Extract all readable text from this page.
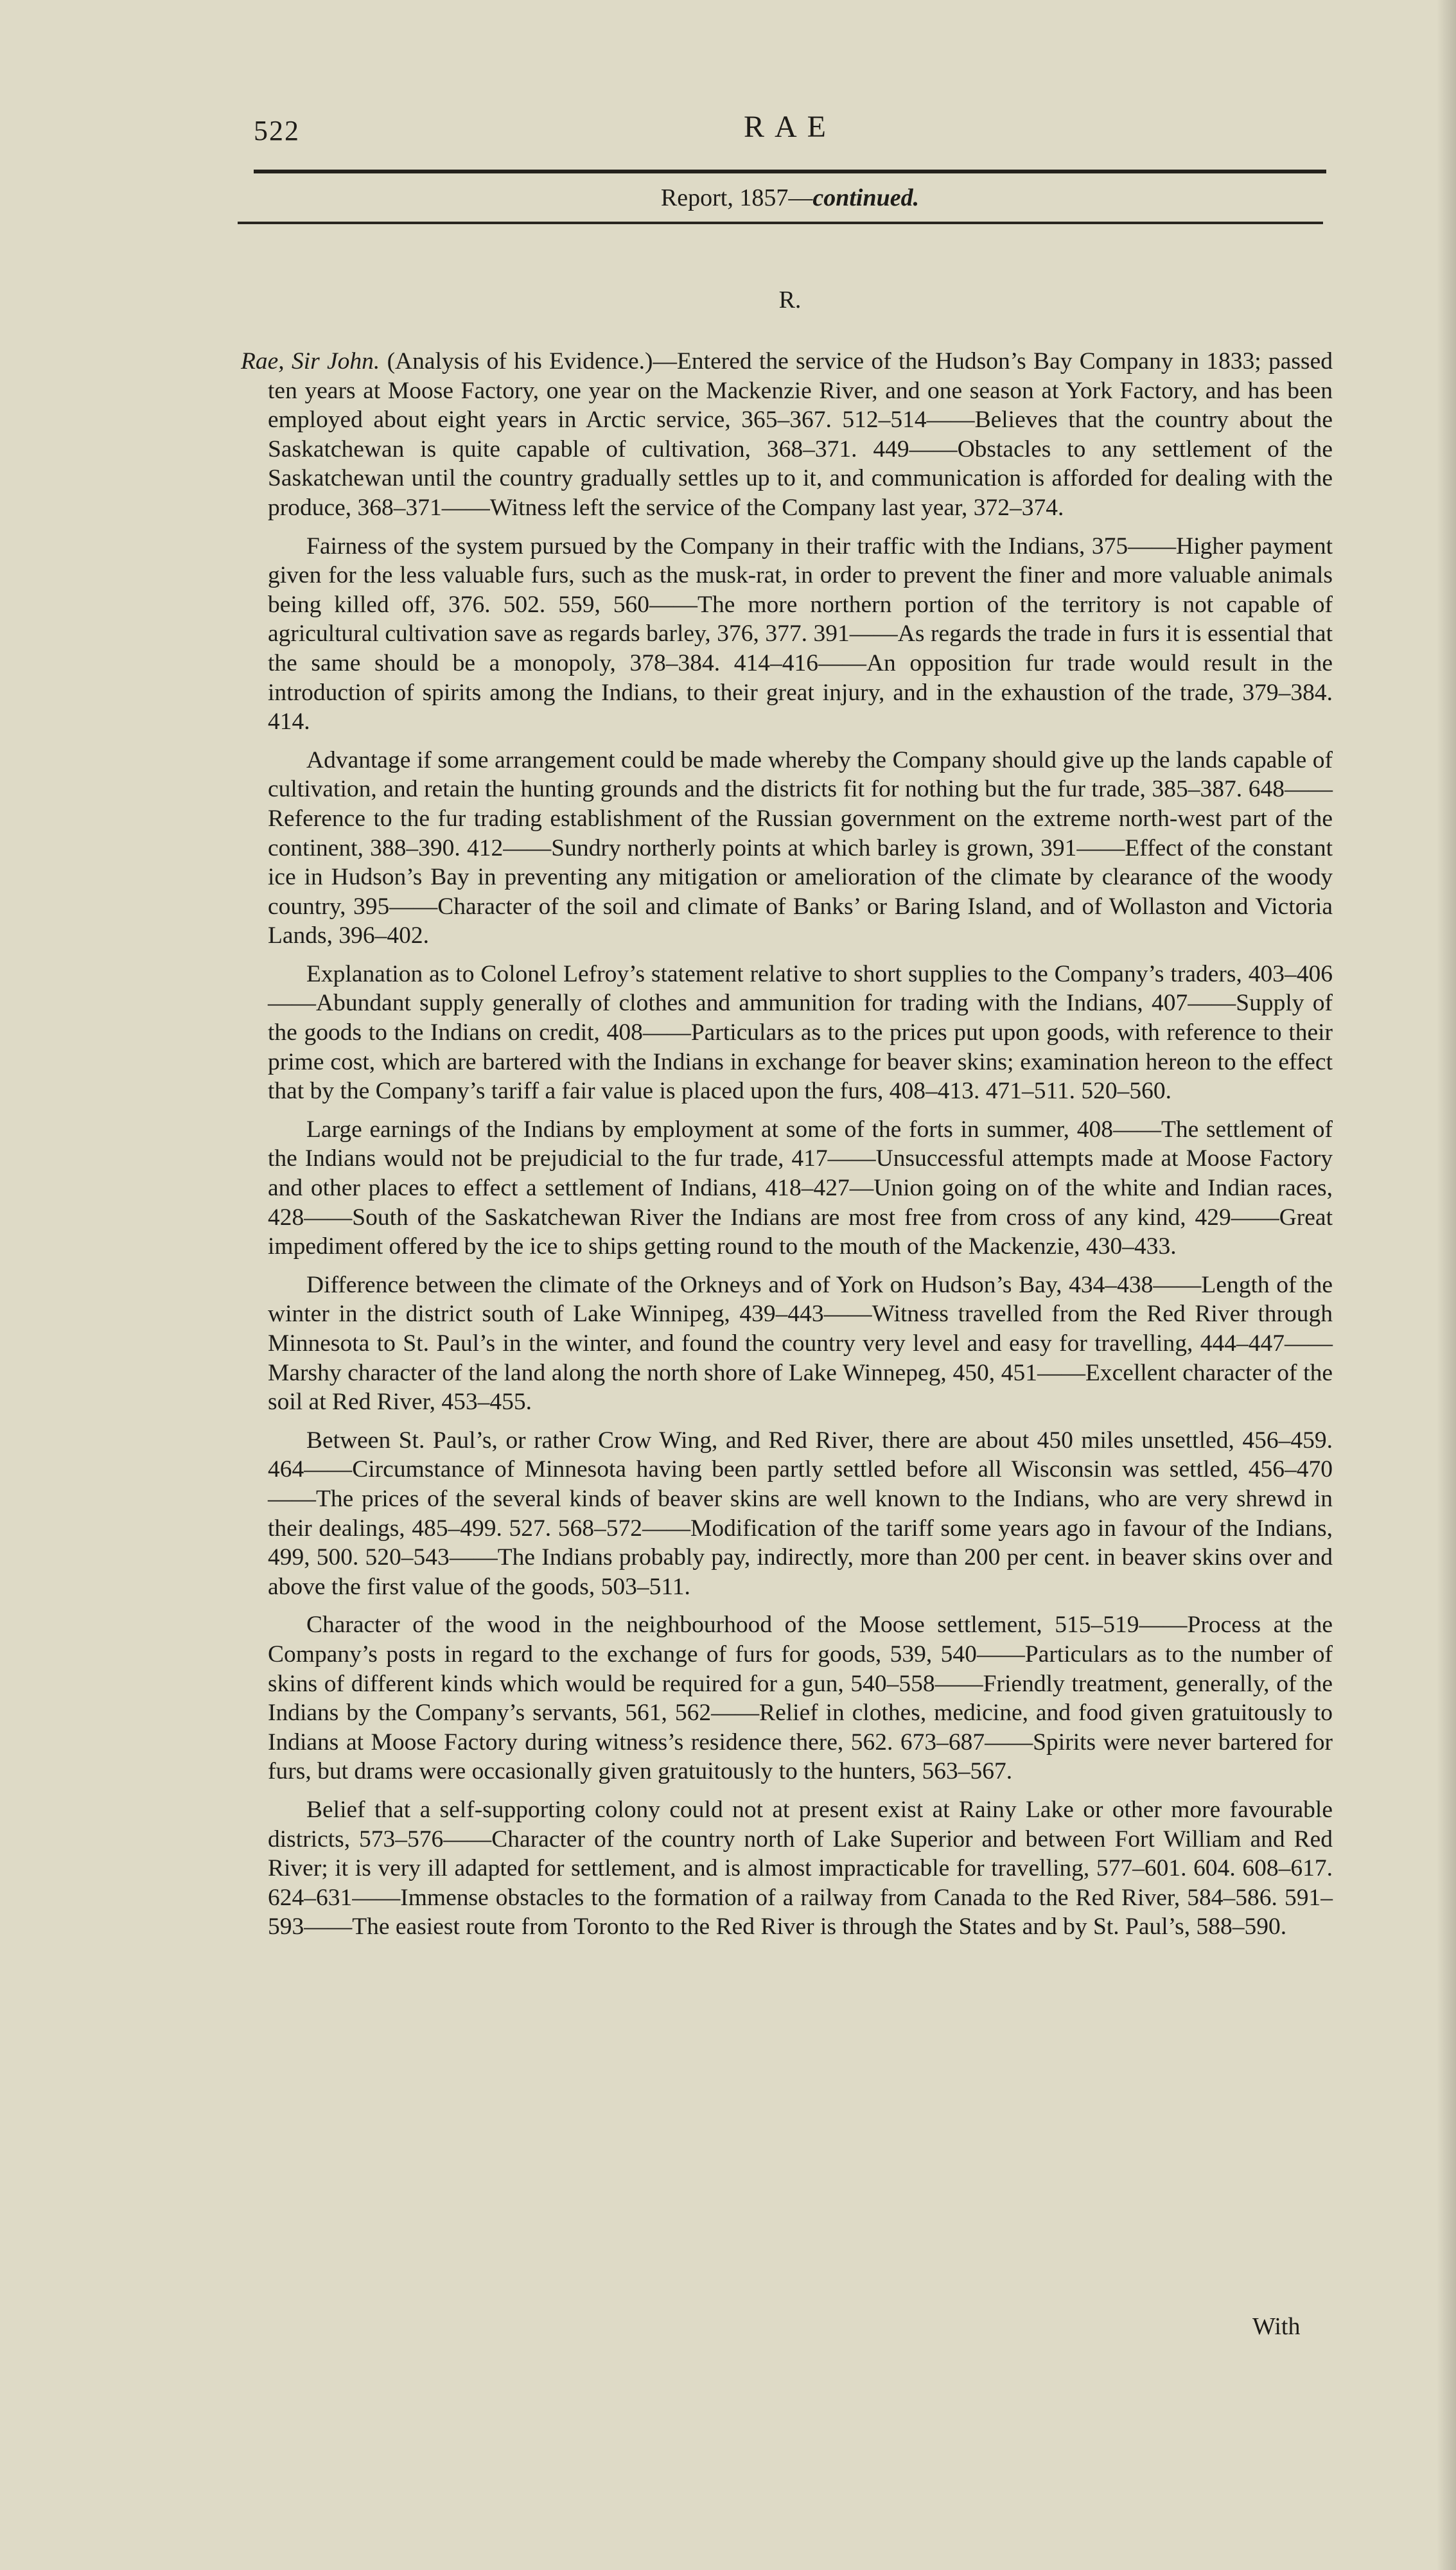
522	RAE
Report, 1857—continued.
R.

Rae, Sir John. (Analysis of his Evidence.)—Entered the service of the Hudson’s Bay Company in 1833; passed ten years at Moose Factory, one year on the Mackenzie River, and one season at York Factory, and has been employed about eight years in Arctic service, 365–367. 512–514——Believes that the country about the Saskatchewan is quite capable of cultivation, 368–371. 449——Obstacles to any settlement of the Saskatchewan until the country gradually settles up to it, and communication is afforded for dealing with the produce, 368–371——Witness left the service of the Company last year, 372–374.

Fairness of the system pursued by the Company in their traffic with the Indians, 375——Higher payment given for the less valuable furs, such as the musk-rat, in order to prevent the finer and more valuable animals being killed off, 376. 502. 559, 560——The more northern portion of the territory is not capable of agricultural cultivation save as regards barley, 376, 377. 391——As regards the trade in furs it is essential that the same should be a monopoly, 378–384. 414–416——An opposition fur trade would result in the introduction of spirits among the Indians, to their great injury, and in the exhaustion of the trade, 379–384. 414.

Advantage if some arrangement could be made whereby the Company should give up the lands capable of cultivation, and retain the hunting grounds and the districts fit for nothing but the fur trade, 385–387. 648——Reference to the fur trading establishment of the Russian government on the extreme north-west part of the continent, 388–390. 412——Sundry northerly points at which barley is grown, 391——Effect of the constant ice in Hudson’s Bay in preventing any mitigation or amelioration of the climate by clearance of the woody country, 395——Character of the soil and climate of Banks’ or Baring Island, and of Wollaston and Victoria Lands, 396–402.

Explanation as to Colonel Lefroy’s statement relative to short supplies to the Company’s traders, 403–406——Abundant supply generally of clothes and ammunition for trading with the Indians, 407——Supply of the goods to the Indians on credit, 408——Particulars as to the prices put upon goods, with reference to their prime cost, which are bartered with the Indians in exchange for beaver skins; examination hereon to the effect that by the Company’s tariff a fair value is placed upon the furs, 408–413. 471–511. 520–560.

Large earnings of the Indians by employment at some of the forts in summer, 408——The settlement of the Indians would not be prejudicial to the fur trade, 417——Unsuccessful attempts made at Moose Factory and other places to effect a settlement of Indians, 418–427—Union going on of the white and Indian races, 428——South of the Saskatchewan River the Indians are most free from cross of any kind, 429——Great impediment offered by the ice to ships getting round to the mouth of the Mackenzie, 430–433.

Difference between the climate of the Orkneys and of York on Hudson’s Bay, 434–438——Length of the winter in the district south of Lake Winnipeg, 439–443——Witness travelled from the Red River through Minnesota to St. Paul’s in the winter, and found the country very level and easy for travelling, 444–447——Marshy character of the land along the north shore of Lake Winnepeg, 450, 451——Excellent character of the soil at Red River, 453–455.

Between St. Paul’s, or rather Crow Wing, and Red River, there are about 450 miles unsettled, 456–459. 464——Circumstance of Minnesota having been partly settled before all Wisconsin was settled, 456–470——The prices of the several kinds of beaver skins are well known to the Indians, who are very shrewd in their dealings, 485–499. 527. 568–572——Modification of the tariff some years ago in favour of the Indians, 499, 500. 520–543——The Indians probably pay, indirectly, more than 200 per cent. in beaver skins over and above the first value of the goods, 503–511.

Character of the wood in the neighbourhood of the Moose settlement, 515–519——Process at the Company’s posts in regard to the exchange of furs for goods, 539, 540——Particulars as to the number of skins of different kinds which would be required for a gun, 540–558——Friendly treatment, generally, of the Indians by the Company’s servants, 561, 562——Relief in clothes, medicine, and food given gratuitously to Indians at Moose Factory during witness’s residence there, 562. 673–687——Spirits were never bartered for furs, but drams were occasionally given gratuitously to the hunters, 563–567.

Belief that a self-supporting colony could not at present exist at Rainy Lake or other more favourable districts, 573–576——Character of the country north of Lake Superior and between Fort William and Red River; it is very ill adapted for settlement, and is almost impracticable for travelling, 577–601. 604. 608–617. 624–631——Immense obstacles to the formation of a railway from Canada to the Red River, 584–586. 591–593——The easiest route from Toronto to the Red River is through the States and by St. Paul’s, 588–590.

With
